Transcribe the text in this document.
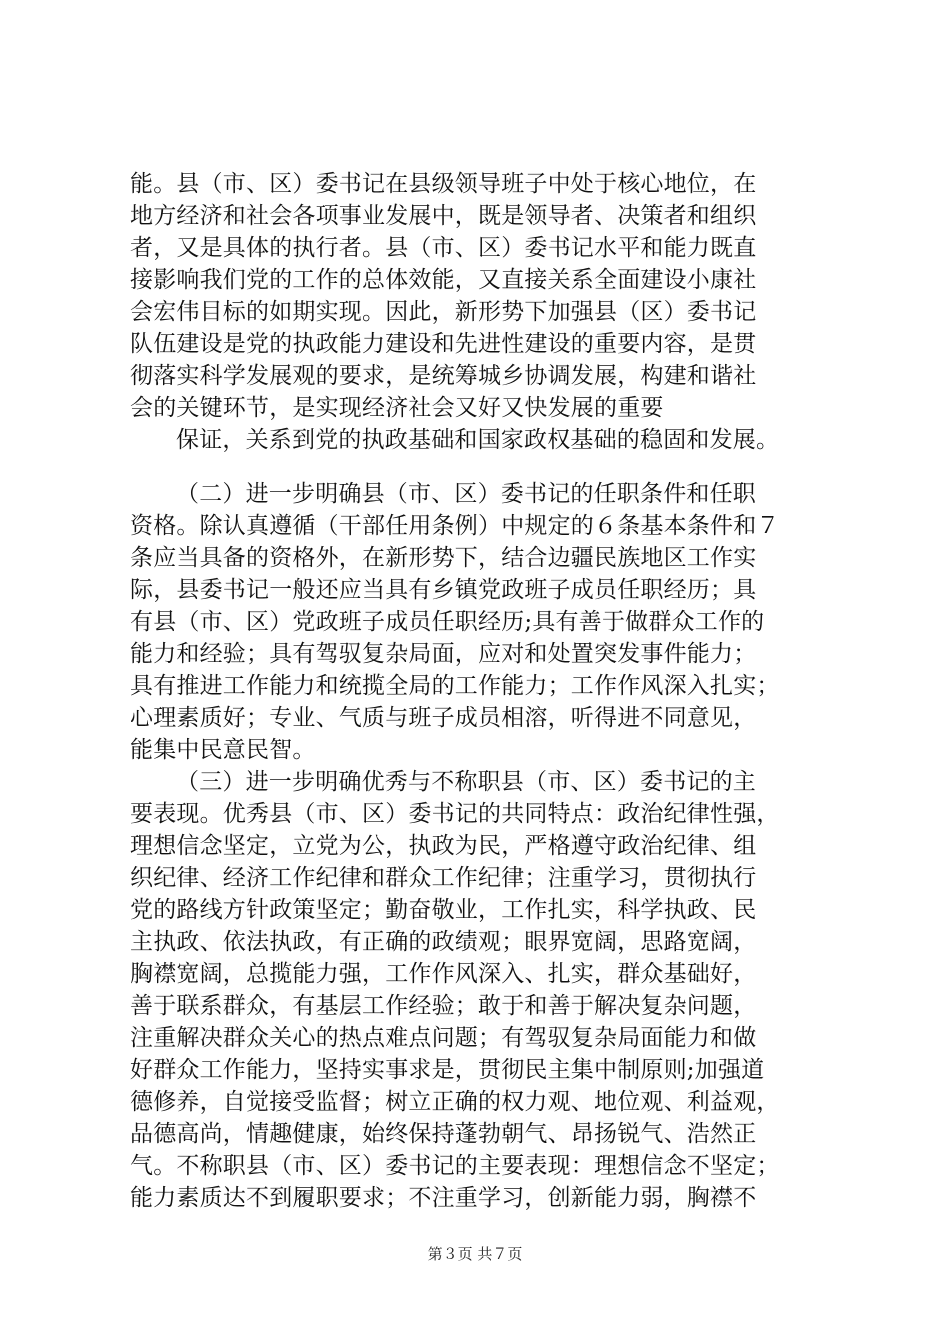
能。县（市、区）委书记在县级领导班子中处于核心地位，在
地方经济和社会各项事业发展中，既是领导者、决策者和组织
者，又是具体的执行者。县（市、区）委书记水平和能力既直
接影响我们党的工作的总体效能，又直接关系全面建设小康社
会宏伟目标的如期实现。因此，新形势下加强县（区）委书记
队伍建设是党的执政能力建设和先进性建设的重要内容，是贯
彻落实科学发展观的要求，是统筹城乡协调发展，构建和谐社
会的关键环节，是实现经济社会又好又快发展的重要
保证，关系到党的执政基础和国家政权基础的稳固和发展。
（二）进一步明确县（市、区）委书记的任职条件和任职
资格。除认真遵循（干部任用条例）中规定的６条基本条件和７
条应当具备的资格外，在新形势下，结合边疆民族地区工作实
际，县委书记一般还应当具有乡镇党政班子成员任职经历；具
有县（市、区）党政班子成员任职经历;具有善于做群众工作的
能力和经验；具有驾驭复杂局面，应对和处置突发事件能力；
具有推进工作能力和统揽全局的工作能力；工作作风深入扎实；
心理素质好；专业、气质与班子成员相溶，听得进不同意见，
能集中民意民智。
（三）进一步明确优秀与不称职县（市、区）委书记的主
要表现。优秀县（市、区）委书记的共同特点：政治纪律性强，
理想信念坚定，立党为公，执政为民，严格遵守政治纪律、组
织纪律、经济工作纪律和群众工作纪律；注重学习，贯彻执行
党的路线方针政策坚定；勤奋敬业，工作扎实，科学执政、民
主执政、依法执政，有正确的政绩观；眼界宽阔，思路宽阔，
胸襟宽阔，总揽能力强，工作作风深入、扎实，群众基础好，
善于联系群众，有基层工作经验；敢于和善于解决复杂问题，
注重解决群众关心的热点难点问题；有驾驭复杂局面能力和做
好群众工作能力，坚持实事求是，贯彻民主集中制原则;加强道
德修养，自觉接受监督；树立正确的权力观、地位观、利益观，
品德高尚，情趣健康，始终保持蓬勃朝气、昂扬锐气、浩然正
气。不称职县（市、区）委书记的主要表现：理想信念不坚定；
能力素质达不到履职要求；不注重学习，创新能力弱，胸襟不
第３页 共７页
